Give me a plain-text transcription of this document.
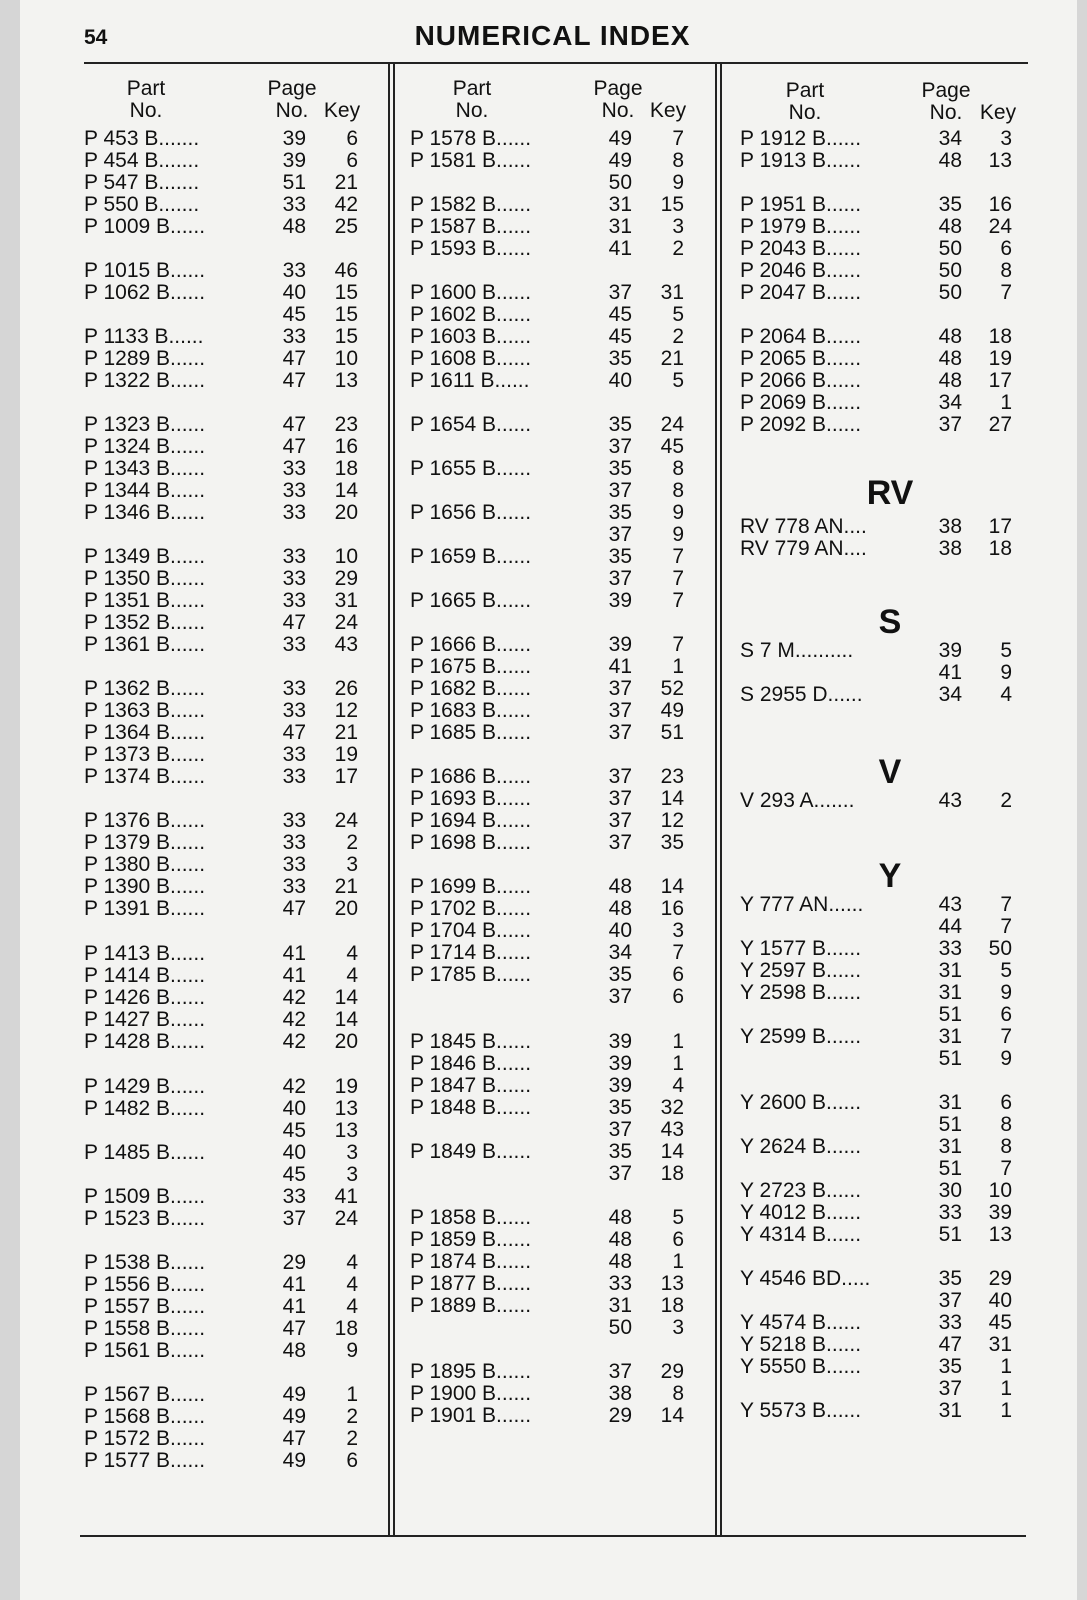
54	NUMERICAL INDEX
Part
No.
Page
No. Key
Part
No.
Page
No. Key
Part
No.
Page
No. Key
RV
S
V
Y
P 453 B.......	39	6
P 454 B.......	39	6
P 547 B.......	51	21
P 550 B.......	33	42
P 1009 B......	48	25
P 1015 B......	33	46
P 1062 B......	40	15
45	15
P 1133 B......	33	15
P 1289 B......	47	10
P 1322 B......	47	13
P 1323 B......	47	23
P 1324 B......	47	16
P 1343 B......	33	18
P 1344 B......	33	14
P 1346 B......	33	20
P 1349 B......	33	10
P 1350 B......	33	29
P 1351 B......	33	31
P 1352 B......	47	24
P 1361 B......	33	43
P 1362 B......	33	26
P 1363 B......	33	12
P 1364 B......	47	21
P 1373 B......	33	19
P 1374 B......	33	17
P 1376 B......	33	24
P 1379 B......	33	2
P 1380 B......	33	3
P 1390 B......	33	21
P 1391 B......	47	20
P 1413 B......	41	4
P 1414 B......	41	4
P 1426 B......	42	14
P 1427 B......	42	14
P 1428 B......	42	20
P 1429 B......	42	19
P 1482 B......	40	13
45	13
P 1485 B......	40	3
45	3
P 1509 B......	33	41
P 1523 B......	37	24
P 1538 B......	29	4
P 1556 B......	41	4
P 1557 B......	41	4
P 1558 B......	47	18
P 1561 B......	48	9
P 1567 B......	49	1
P 1568 B......	49	2
P 1572 B......	47	2
P 1577 B......	49	6
P 1578 B......	49	7
P 1581 B......	49	8
50	9
P 1582 B......	31	15
P 1587 B......	31	3
P 1593 B......	41	2
P 1600 B......	37	31
P 1602 B......	45	5
P 1603 B......	45	2
P 1608 B......	35	21
P 1611 B......	40	5
P 1654 B......	35	24
37	45
P 1655 B......	35	8
37	8
P 1656 B......	35	9
37	9
P 1659 B......	35	7
37	7
P 1665 B......	39	7
P 1666 B......	39	7
P 1675 B......	41	1
P 1682 B......	37	52
P 1683 B......	37	49
P 1685 B......	37	51
P 1686 B......	37	23
P 1693 B......	37	14
P 1694 B......	37	12
P 1698 B......	37	35
P 1699 B......	48	14
P 1702 B......	48	16
P 1704 B......	40	3
P 1714 B......	34	7
P 1785 B......	35	6
37	6
P 1845 B......	39	1
P 1846 B......	39	1
P 1847 B......	39	4
P 1848 B......	35	32
37	43
P 1849 B......	35	14
37	18
P 1858 B......	48	5
P 1859 B......	48	6
P 1874 B......	48	1
P 1877 B......	33	13
P 1889 B......	31	18
50	3
P 1895 B......	37	29
P 1900 B......	38	8
P 1901 B......	29	14
P 1912 B......	34	3
P 1913 B......	48	13
P 1951 B......	35	16
P 1979 B......	48	24
P 2043 B......	50	6
P 2046 B......	50	8
P 2047 B......	50	7
P 2064 B......	48	18
P 2065 B......	48	19
P 2066 B......	48	17
P 2069 B......	34	1
P 2092 B......	37	27
RV 778 AN....	38	17
RV 779 AN....	38	18
S 7 M..........	39	5
41	9
S 2955 D......	34	4
V 293 A.......	43	2
Y 777 AN......	43	7
44	7
Y 1577 B......	33	50
Y 2597 B......	31	5
Y 2598 B......	31	9
51	6
Y 2599 B......	31	7
51	9
Y 2600 B......	31	6
51	8
Y 2624 B......	31	8
51	7
Y 2723 B......	30	10
Y 4012 B......	33	39
Y 4314 B......	51	13
Y 4546 BD.....	35	29
37	40
Y 4574 B......	33	45
Y 5218 B......	47	31
Y 5550 B......	35	1
37	1
Y 5573 B......	31	1
